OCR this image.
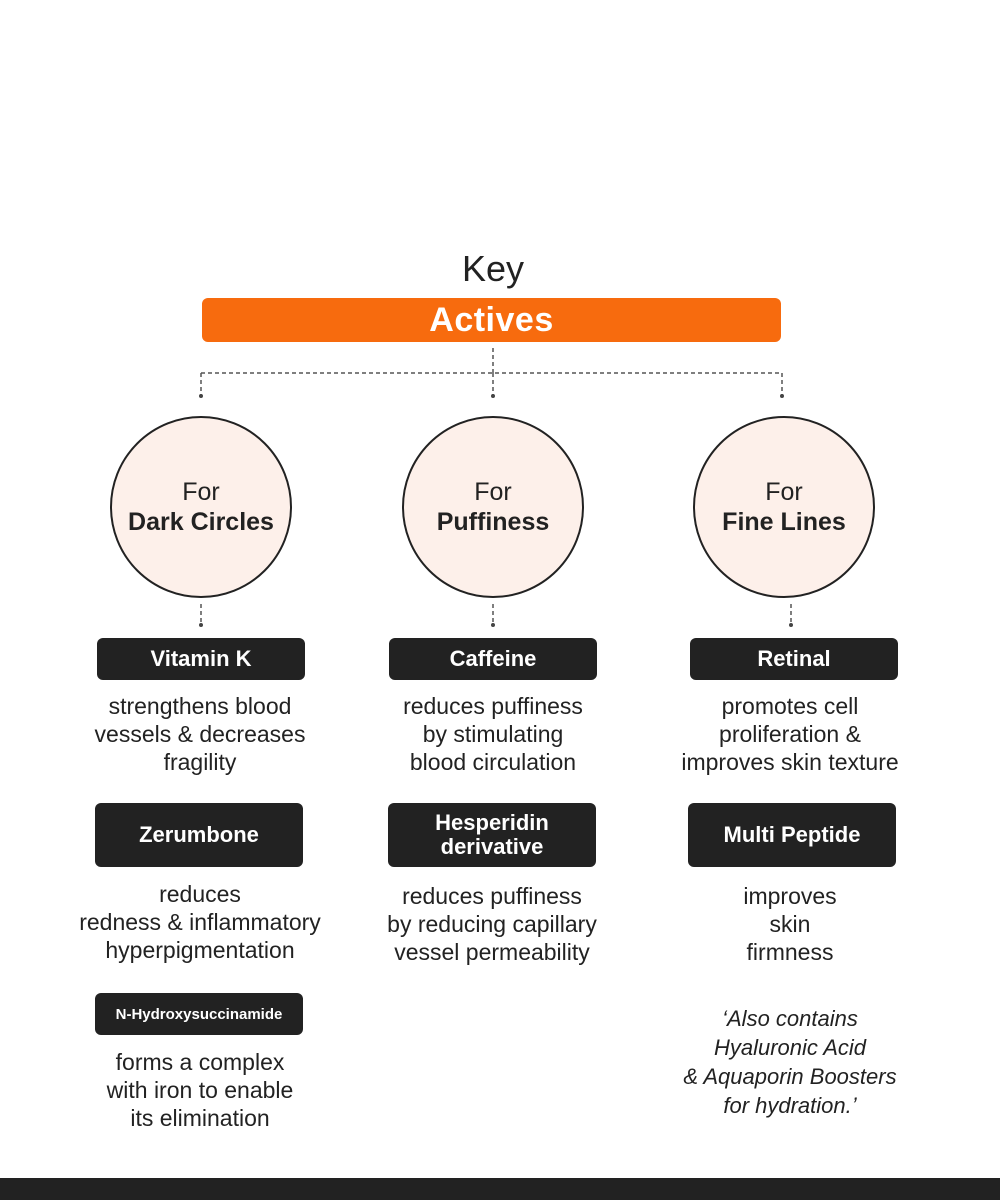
Key
Actives
For
Dark Circles
For
Puffiness
For
Fine Lines
Vitamin K
strengthens blood
vessels & decreases
fragility
Zerumbone
reduces
redness & inflammatory
hyperpigmentation
N-Hydroxysuccinamide
forms a complex
with iron to enable
its elimination
Caffeine
reduces puffiness
by stimulating
blood circulation
Hesperidin
derivative
reduces puffiness
by reducing capillary
vessel permeability
Retinal
promotes cell
proliferation &
improves skin texture
Multi Peptide
improves
skin
firmness
‘Also contains
Hyaluronic Acid
& Aquaporin Boosters
for hydration.’
